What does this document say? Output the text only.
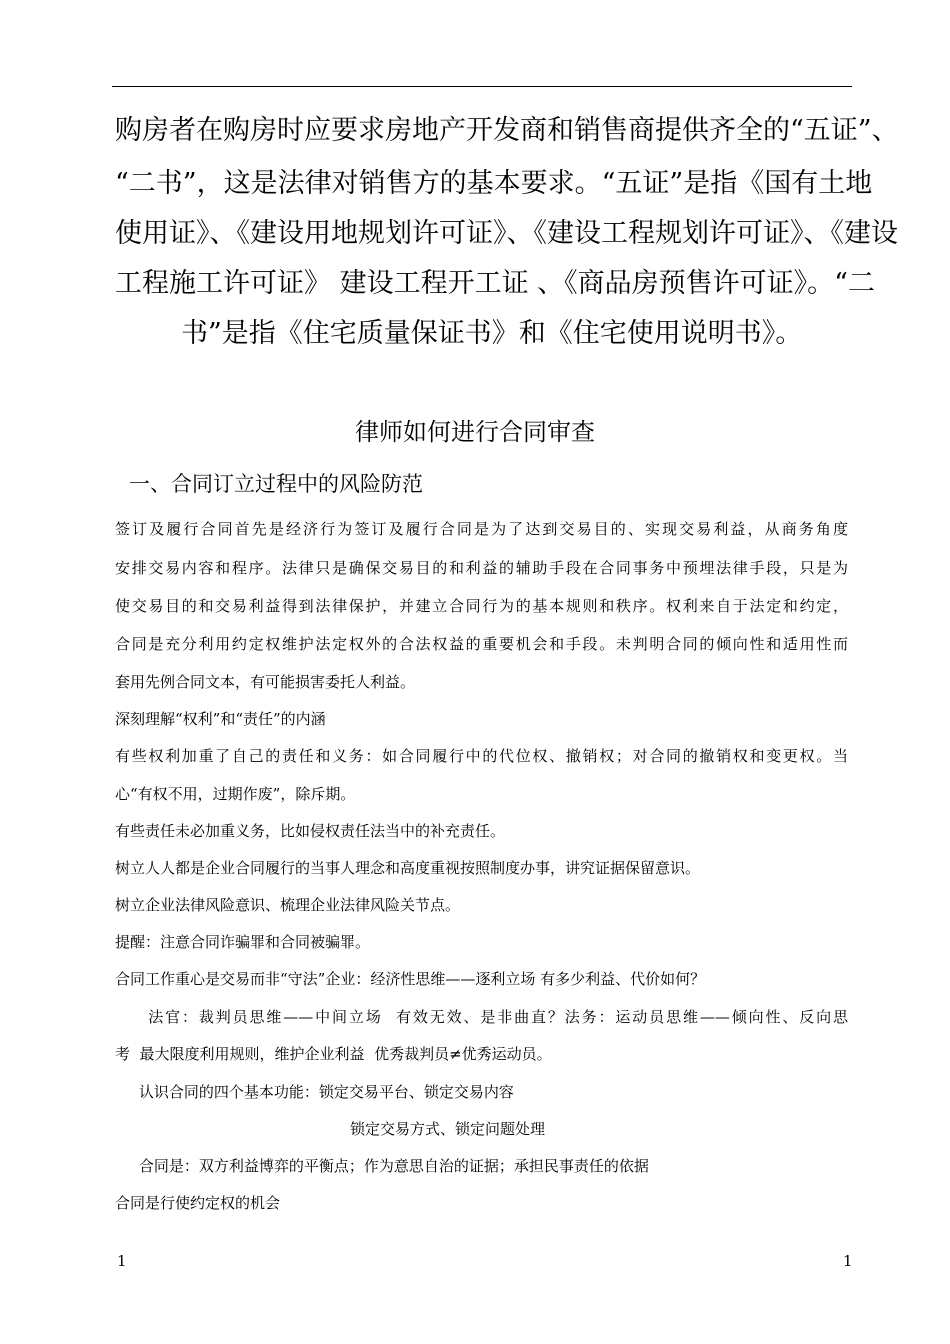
购房者在购房时应要求房地产开发商和销售商提供齐全的“五证”、
“二书”，这是法律对销售方的基本要求。“五证”是指《国有土地
使用证》、《建设用地规划许可证》、《建设工程规划许可证》、《建设
工程施工许可证》 建设工程开工证 、《商品房预售许可证》。“二
书”是指《住宅质量保证书》和《住宅使用说明书》。
律师如何进行合同审查
一、合同订立过程中的风险防范
签订及履行合同首先是经济行为签订及履行合同是为了达到交易目的、实现交易利益，从商务角度
安排交易内容和程序。法律只是确保交易目的和利益的辅助手段在合同事务中预埋法律手段，只是为
使交易目的和交易利益得到法律保护，并建立合同行为的基本规则和秩序。权利来自于法定和约定，
合同是充分利用约定权维护法定权外的合法权益的重要机会和手段。未判明合同的倾向性和适用性而
套用先例合同文本，有可能损害委托人利益。
深刻理解“权利”和“责任”的内涵
有些权利加重了自己的责任和义务：如合同履行中的代位权、撤销权；对合同的撤销权和变更权。当
心“有权不用，过期作废”，除斥期。
有些责任未必加重义务，比如侵权责任法当中的补充责任。
树立人人都是企业合同履行的当事人理念和高度重视按照制度办事，讲究证据保留意识。
树立企业法律风险意识、梳理企业法律风险关节点。
提醒：注意合同诈骗罪和合同被骗罪。
合同工作重心是交易而非“守法”企业：经济性思维——逐利立场 有多少利益、代价如何？
法官：裁判员思维——中间立场  有效无效、是非曲直？法务：运动员思维——倾向性、反向思
考  最大限度利用规则，维护企业利益  优秀裁判员≠优秀运动员。
认识合同的四个基本功能：锁定交易平台、锁定交易内容
锁定交易方式、锁定问题处理
合同是：双方利益博弈的平衡点；作为意思自治的证据；承担民事责任的依据
合同是行使约定权的机会
1	1
